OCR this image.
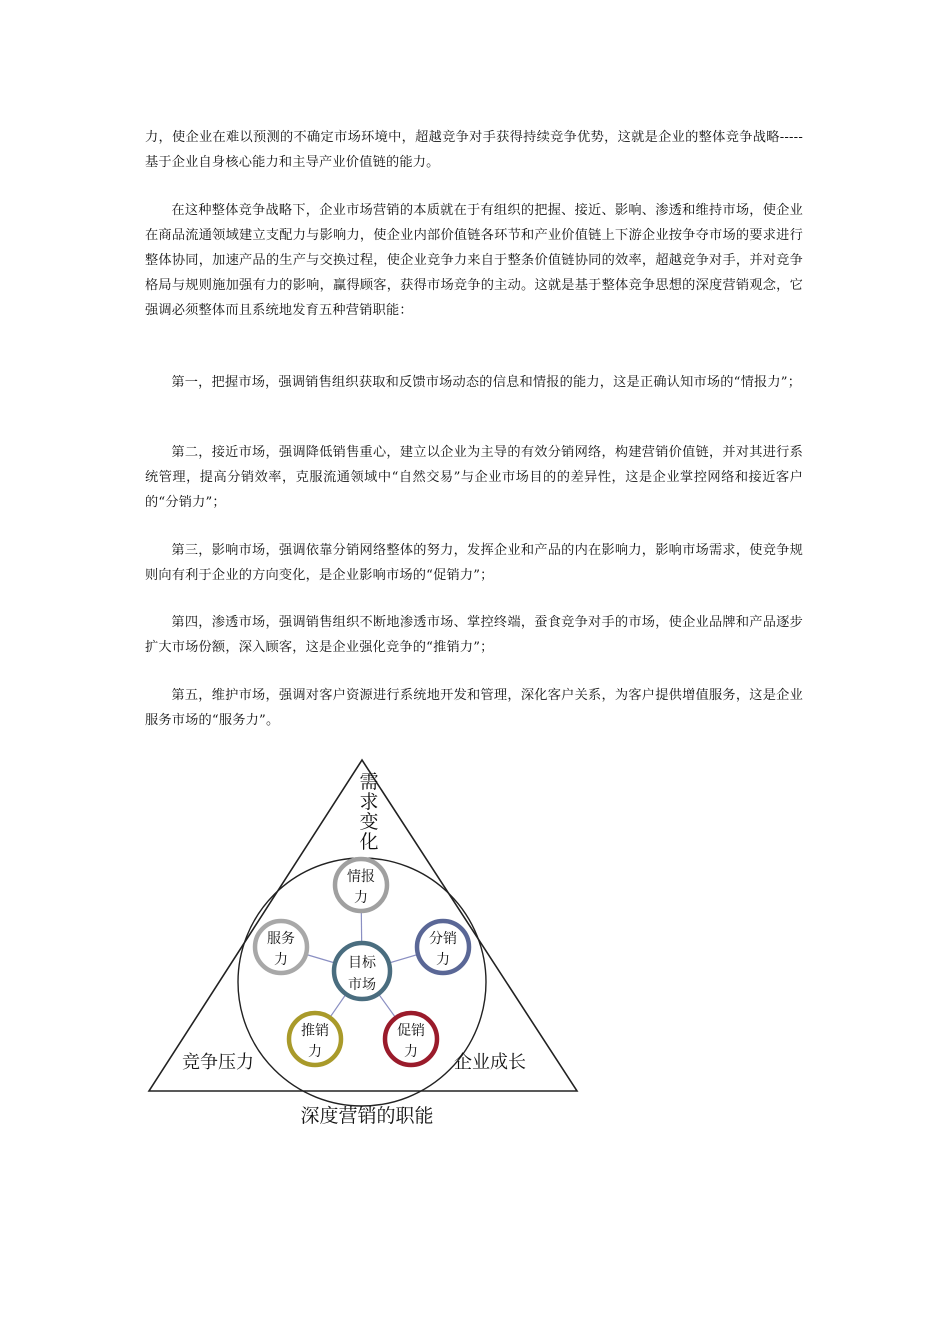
力，使企业在难以预测的不确定市场环境中，超越竞争对手获得持续竞争优势，这就是企业的整体竞争战略-----基于企业自身核心能力和主导产业价值链的能力。

在这种整体竞争战略下，企业市场营销的本质就在于有组织的把握、接近、影响、渗透和维持市场，使企业在商品流通领域建立支配力与影响力，使企业内部价值链各环节和产业价值链上下游企业按争夺市场的要求进行整体协同，加速产品的生产与交换过程，使企业竞争力来自于整条价值链协同的效率，超越竞争对手，并对竞争格局与规则施加强有力的影响，赢得顾客，获得市场竞争的主动。这就是基于整体竞争思想的深度营销观念，它强调必须整体而且系统地发育五种营销职能：

第一，把握市场，强调销售组织获取和反馈市场动态的信息和情报的能力，这是正确认知市场的“情报力”；

第二，接近市场，强调降低销售重心，建立以企业为主导的有效分销网络，构建营销价值链，并对其进行系统管理，提高分销效率，克服流通领域中“自然交易”与企业市场目的的差异性，这是企业掌控网络和接近客户的“分销力”；

第三，影响市场，强调依靠分销网络整体的努力，发挥企业和产品的内在影响力，影响市场需求，使竞争规则向有利于企业的方向变化，是企业影响市场的“促销力”；

第四，渗透市场，强调销售组织不断地渗透市场、掌控终端，蚕食竞争对手的市场，使企业品牌和产品逐步扩大市场份额，深入顾客，这是企业强化竞争的“推销力”；

第五，维护市场，强调对客户资源进行系统地开发和管理，深化客户关系，为客户提供增值服务，这是企业服务市场的“服务力”。

情报
力
分销
力
促销
力
推销
力
服务
力	目标
市场
需
求
变
化
竞争压力	企业成长
深度营销的职能
